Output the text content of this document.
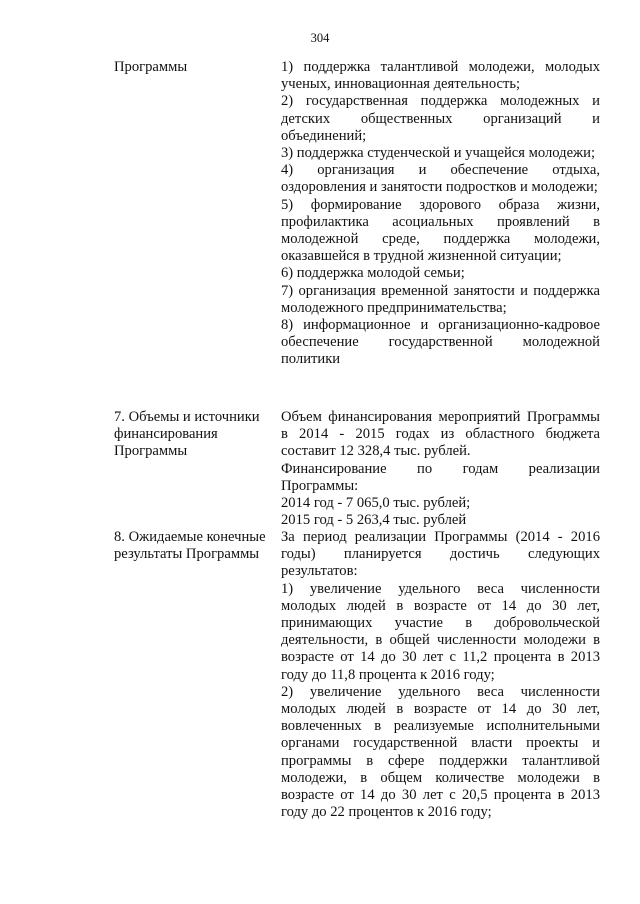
304
Программы	1) поддержка талантливой молодежи, молодых ученых, инновационная деятельность;

2) государственная поддержка молодежных и детских общественных организаций и объединений;

3) поддержка студенческой и учащейся молодежи;

4) организация и обеспечение отдыха, оздоровления и занятости подростков и молодежи;

5) формирование здорового образа жизни, профилактика асоциальных проявлений в молодежной среде, поддержка молодежи, оказавшейся в трудной жизненной ситуации;

6) поддержка молодой семьи;

7) организация временной занятости и поддержка молодежного предпринимательства;

8) информационное и организационно-кадровое обеспечение государственной молодежной политики

7. Объемы и источники
финансирования
Программы

Объем финансирования мероприятий Программы в 2014 - 2015 годах из областного бюджета составит 12 328,4 тыс. рублей.

Финансирование по годам реализации Программы:

2014 год - 7 065,0 тыс. рублей;

2015 год - 5 263,4 тыс. рублей

8. Ожидаемые конечные
результаты Программы

За период реализации Программы (2014 - 2016 годы) планируется достичь следующих результатов:

1) увеличение удельного веса численности молодых людей в возрасте от 14 до 30 лет, принимающих участие в добровольческой деятельности, в общей численности молодежи в возрасте от 14 до 30 лет с 11,2 процента в 2013 году до 11,8 процента к 2016 году;

2) увеличение удельного веса численности молодых людей в возрасте от 14 до 30 лет, вовлеченных в реализуемые исполнительными органами государственной власти проекты и программы в сфере поддержки талантливой молодежи, в общем количестве молодежи в возрасте от 14 до 30 лет с 20,5 процента в 2013 году до 22 процентов к 2016 году;
